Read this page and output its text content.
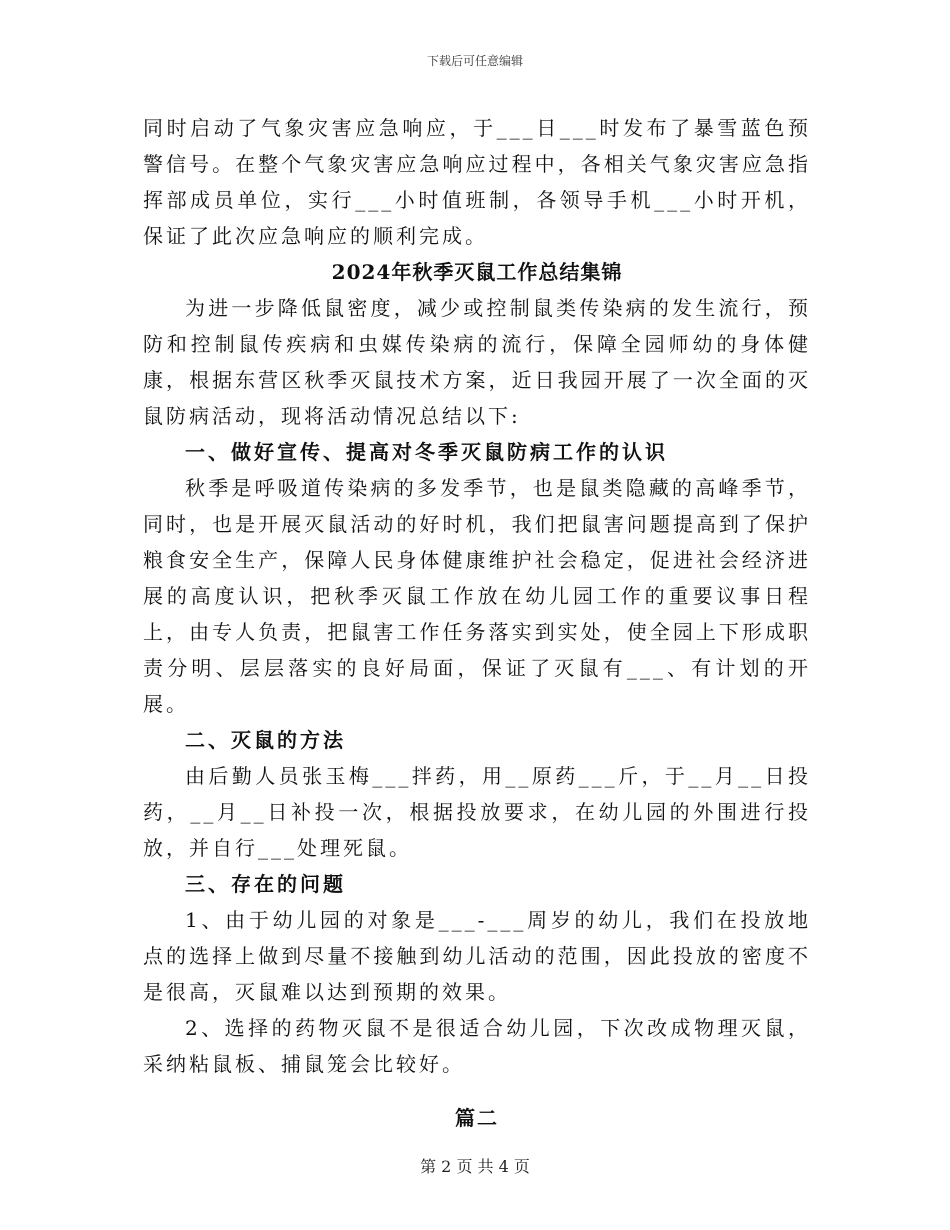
下载后可任意编辑

同时启动了气象灾害应急响应，于___日___时发布了暴雪蓝色预警信号。在整个气象灾害应急响应过程中，各相关气象灾害应急指挥部成员单位，实行___小时值班制，各领导手机___小时开机，保证了此次应急响应的顺利完成。

2024年秋季灭鼠工作总结集锦

为进一步降低鼠密度，减少或控制鼠类传染病的发生流行，预防和控制鼠传疾病和虫媒传染病的流行，保障全园师幼的身体健康，根据东营区秋季灭鼠技术方案，近日我园开展了一次全面的灭鼠防病活动，现将活动情况总结以下:

一、做好宣传、提高对冬季灭鼠防病工作的认识

秋季是呼吸道传染病的多发季节，也是鼠类隐藏的高峰季节，同时，也是开展灭鼠活动的好时机，我们把鼠害问题提高到了保护粮食安全生产，保障人民身体健康维护社会稳定，促进社会经济进展的高度认识，把秋季灭鼠工作放在幼儿园工作的重要议事日程上，由专人负责，把鼠害工作任务落实到实处，使全园上下形成职责分明、层层落实的良好局面，保证了灭鼠有___、有计划的开展。

二、灭鼠的方法

由后勤人员张玉梅___拌药，用__原药___斤，于__月__日投药，__月__日补投一次，根据投放要求，在幼儿园的外围进行投放，并自行___处理死鼠。

三、存在的问题

1、由于幼儿园的对象是___-___周岁的幼儿，我们在投放地点的选择上做到尽量不接触到幼儿活动的范围，因此投放的密度不是很高，灭鼠难以达到预期的效果。

2、选择的药物灭鼠不是很适合幼儿园，下次改成物理灭鼠，采纳粘鼠板、捕鼠笼会比较好。

篇二
第 2 页 共 4 页
